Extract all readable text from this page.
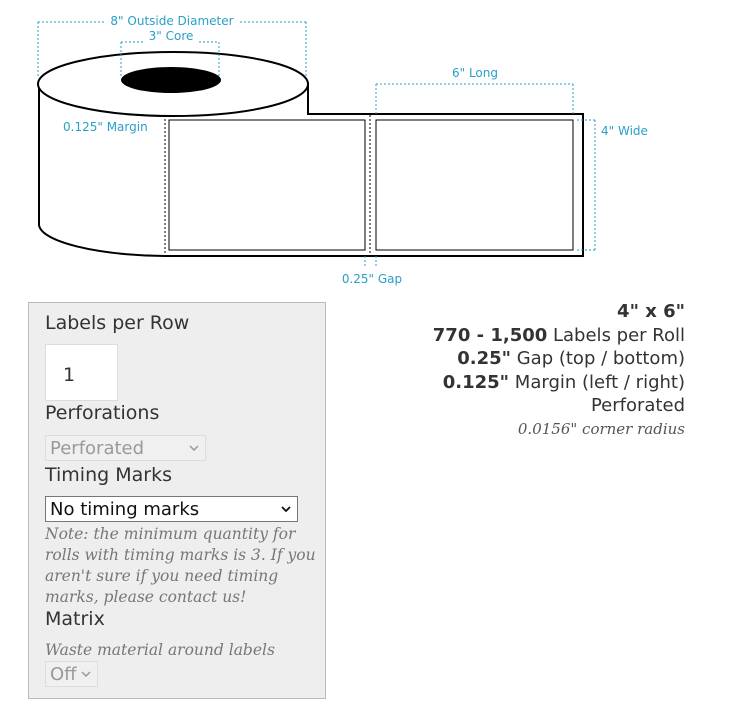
8" Outside Diameter
3" Core
0.125" Margin
6" Long
4" Wide
0.25" Gap
Labels per Row
1
Perforations
Perforated
Timing Marks
No timing marks
Note: the minimum quantity for rolls with timing marks is 3. If you aren't sure if you need timing marks, please contact us!
Matrix
Waste material around labels
Off
4" x 6"
770 - 1,500 Labels per Roll
0.25" Gap (top / bottom)
0.125" Margin (left / right)
Perforated
0.0156" corner radius
